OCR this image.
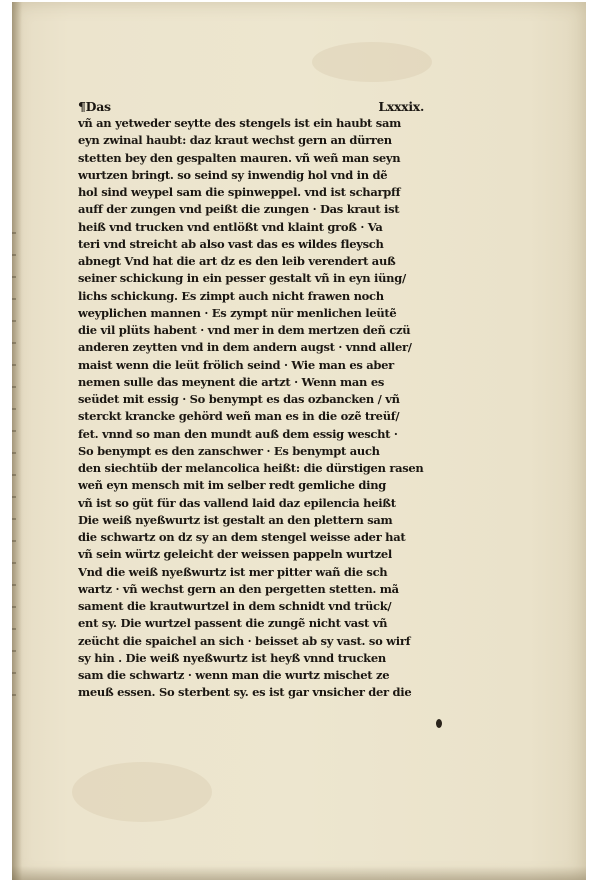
¶Das	Lxxxix.
vñ an yetweder seytte des stengels ist ein haubt sam
eyn zwinal haubt: daz kraut wechst gern an dürren
stetten bey den gespalten mauren. vñ weñ man seyn
wurtzen bringt. so seind sy inwendig hol vnd in dẽ
hol sind weypel sam die spinweppel. vnd ist scharpff
auff der zungen vnd peißt die zungen · Das kraut ist
heiß vnd trucken vnd entlößt vnd klaint groß · Va
teri vnd streicht ab also vast das es wildes fleysch
abnegt Vnd hat die art dz es den leib verendert auß
seiner schickung in ein pesser gestalt vñ in eyn iüng/
lichs schickung. Es zimpt auch nicht frawen noch
weyplichen mannen · Es zympt nür menlichen leütẽ
die vil plüts habent · vnd mer in dem mertzen deñ czü
anderen zeytten vnd in dem andern augst · vnnd aller/
maist wenn die leüt frölich seind · Wie man es aber
nemen sulle das meynent die artzt · Wenn man es
seüdet mit essig · So benympt es das ozbancken / vñ
sterckt krancke gehörd weñ man es in die ozẽ treüf/
fet. vnnd so man den mundt auß dem essig wescht ·
So benympt es den zanschwer · Es benympt auch
den siechtüb der melancolica heißt: die dürstigen rasen
weñ eyn mensch mit im selber redt gemliche ding
vñ ist so güt für das vallend laid daz epilencia heißt
Die weiß nyeßwurtz ist gestalt an den plettern sam
die schwartz on dz sy an dem stengel weisse ader hat
vñ sein würtz geleicht der weissen pappeln wurtzel
Vnd die weiß nyeßwurtz ist mer pitter wañ die sch
wartz · vñ wechst gern an den pergetten stetten. mã
sament die krautwurtzel in dem schnidt vnd trück/
ent sy. Die wurtzel passent die zungẽ nicht vast vñ
zeücht die spaichel an sich · beisset ab sy vast. so wirf
sy hin . Die weiß nyeßwurtz ist heyß vnnd trucken
sam die schwartz · wenn man die wurtz mischet ze
meuß essen. So sterbent sy. es ist gar vnsicher der die
